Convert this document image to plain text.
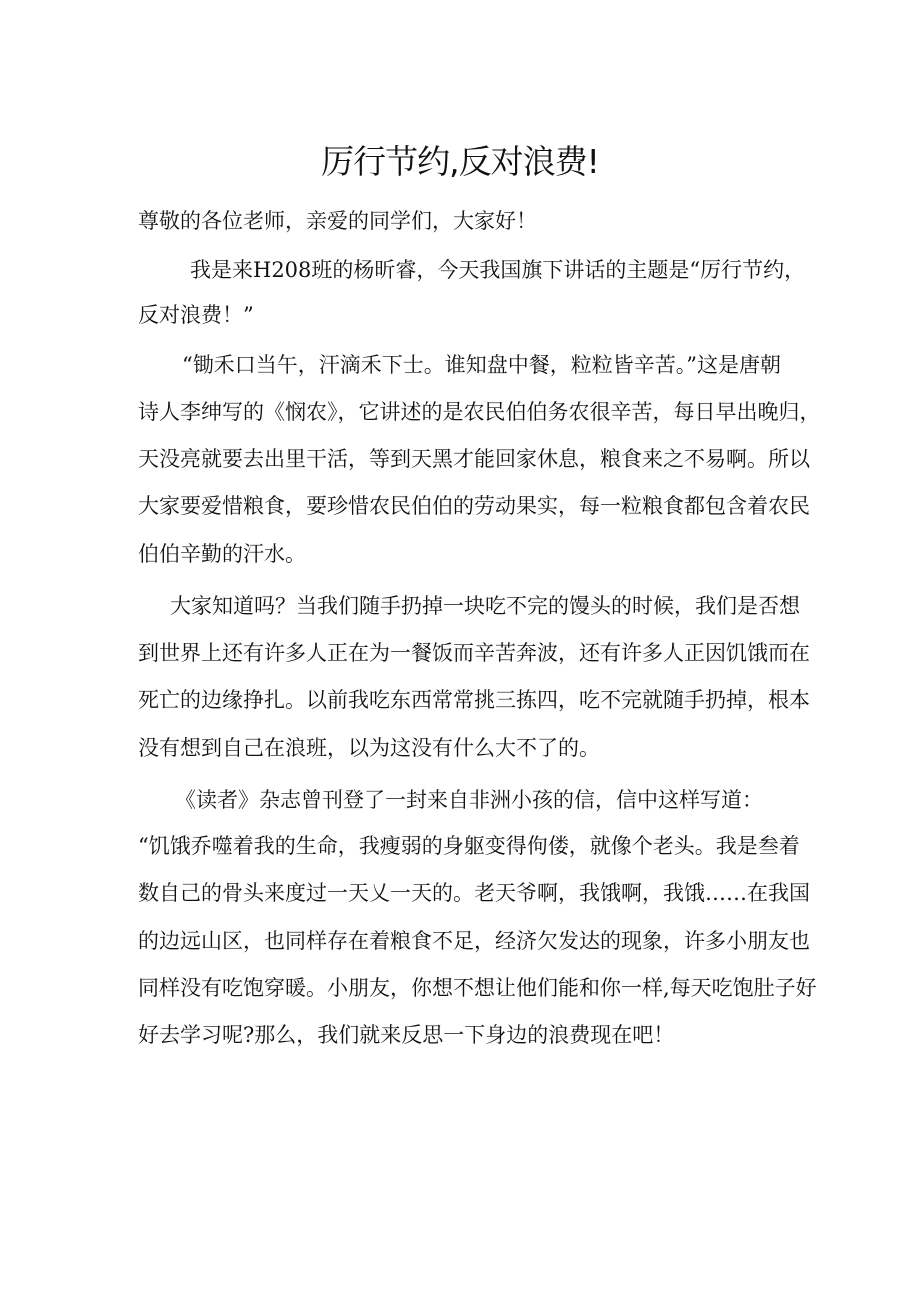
厉行节约,反对浪费!
尊敬的各位老师，亲爱的同学们，大家好！
我是来H208班的杨昕睿，今天我国旗下讲话的主题是“厉行节约，
反对浪费！”
“锄禾口当午，汗滴禾下士。谁知盘中餐，粒粒皆辛苦。”这是唐朝
诗人李绅写的《悯农》，它讲述的是农民伯伯务农很辛苦，每日早出晚归，
天没亮就要去出里干活，等到天黑才能回家休息，粮食来之不易啊。所以
大家要爱惜粮食，要珍惜农民伯伯的劳动果实，每一粒粮食都包含着农民
伯伯辛勤的汗水。
大家知道吗？当我们随手扔掉一块吃不完的馒头的时候，我们是否想
到世界上还有许多人正在为一餐饭而辛苦奔波，还有许多人正因饥饿而在
死亡的边缘挣扎。以前我吃东西常常挑三拣四，吃不完就随手扔掉，根本
没有想到自己在浪班，以为这没有什么大不了的。
《读者》杂志曾刊登了一封来自非洲小孩的信，信中这样写道：
“饥饿乔噬着我的生命，我瘦弱的身躯变得佝偻，就像个老头。我是叁着
数自己的骨头来度过一天乂一天的。老天爷啊，我饿啊，我饿……在我国
的边远山区，也同样存在着粮食不足，经济欠发达的现象，许多小朋友也
同样没有吃饱穿暖。小朋友，你想不想让他们能和你一样,每天吃饱肚子好
好去学习呢?那么，我们就来反思一下身边的浪费现在吧！
